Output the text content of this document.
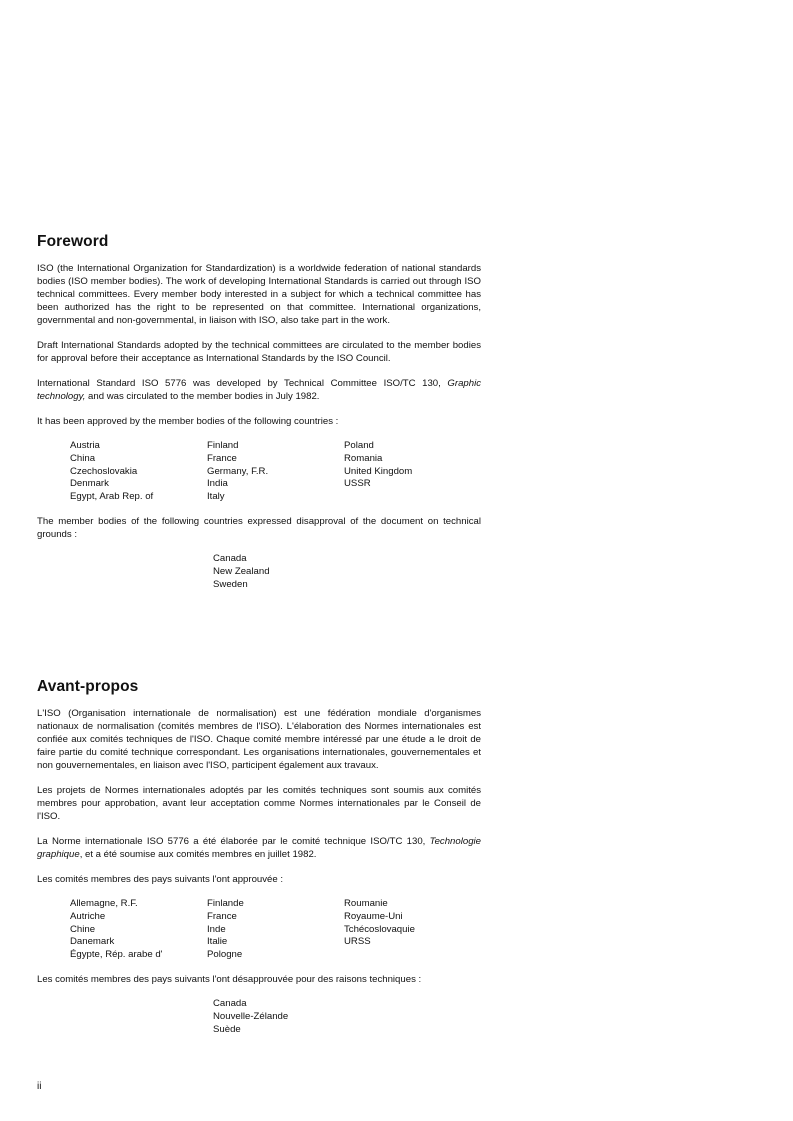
Foreword

ISO (the International Organization for Standardization) is a worldwide federation of national standards bodies (ISO member bodies). The work of developing International Standards is carried out through ISO technical committees. Every member body interested in a subject for which a technical committee has been authorized has the right to be represented on that committee. International organizations, governmental and non-governmental, in liaison with ISO, also take part in the work.

Draft International Standards adopted by the technical committees are circulated to the member bodies for approval before their acceptance as International Standards by the ISO Council.

International Standard ISO 5776 was developed by Technical Committee ISO/TC 130, Graphic technology, and was circulated to the member bodies in July 1982.

It has been approved by the member bodies of the following countries :

Austria
China
Czechoslovakia
Denmark
Egypt, Arab Rep. of
Finland
France
Germany, F.R.
India
Italy
Poland
Romania
United Kingdom
USSR

The member bodies of the following countries expressed disapproval of the document on technical grounds :

Canada
New Zealand
Sweden
Avant-propos

L'ISO (Organisation internationale de normalisation) est une fédération mondiale d'organismes nationaux de normalisation (comités membres de l'ISO). L'élaboration des Normes internationales est confiée aux comités techniques de l'ISO. Chaque comité membre intéressé par une étude a le droit de faire partie du comité technique correspondant. Les organisations internationales, gouvernementales et non gouvernementales, en liaison avec l'ISO, participent également aux travaux.

Les projets de Normes internationales adoptés par les comités techniques sont soumis aux comités membres pour approbation, avant leur acceptation comme Normes internationales par le Conseil de l'ISO.

La Norme internationale ISO 5776 a été élaborée par le comité technique ISO/TC 130, Technologie graphique, et a été soumise aux comités membres en juillet 1982.

Les comités membres des pays suivants l'ont approuvée :

Allemagne, R.F.
Autriche
Chine
Danemark
Égypte, Rép. arabe d'
Finlande
France
Inde
Italie
Pologne
Roumanie
Royaume-Uni
Tchécoslovaquie
URSS

Les comités membres des pays suivants l'ont désapprouvée pour des raisons techniques :

Canada
Nouvelle-Zélande
Suède
ii
